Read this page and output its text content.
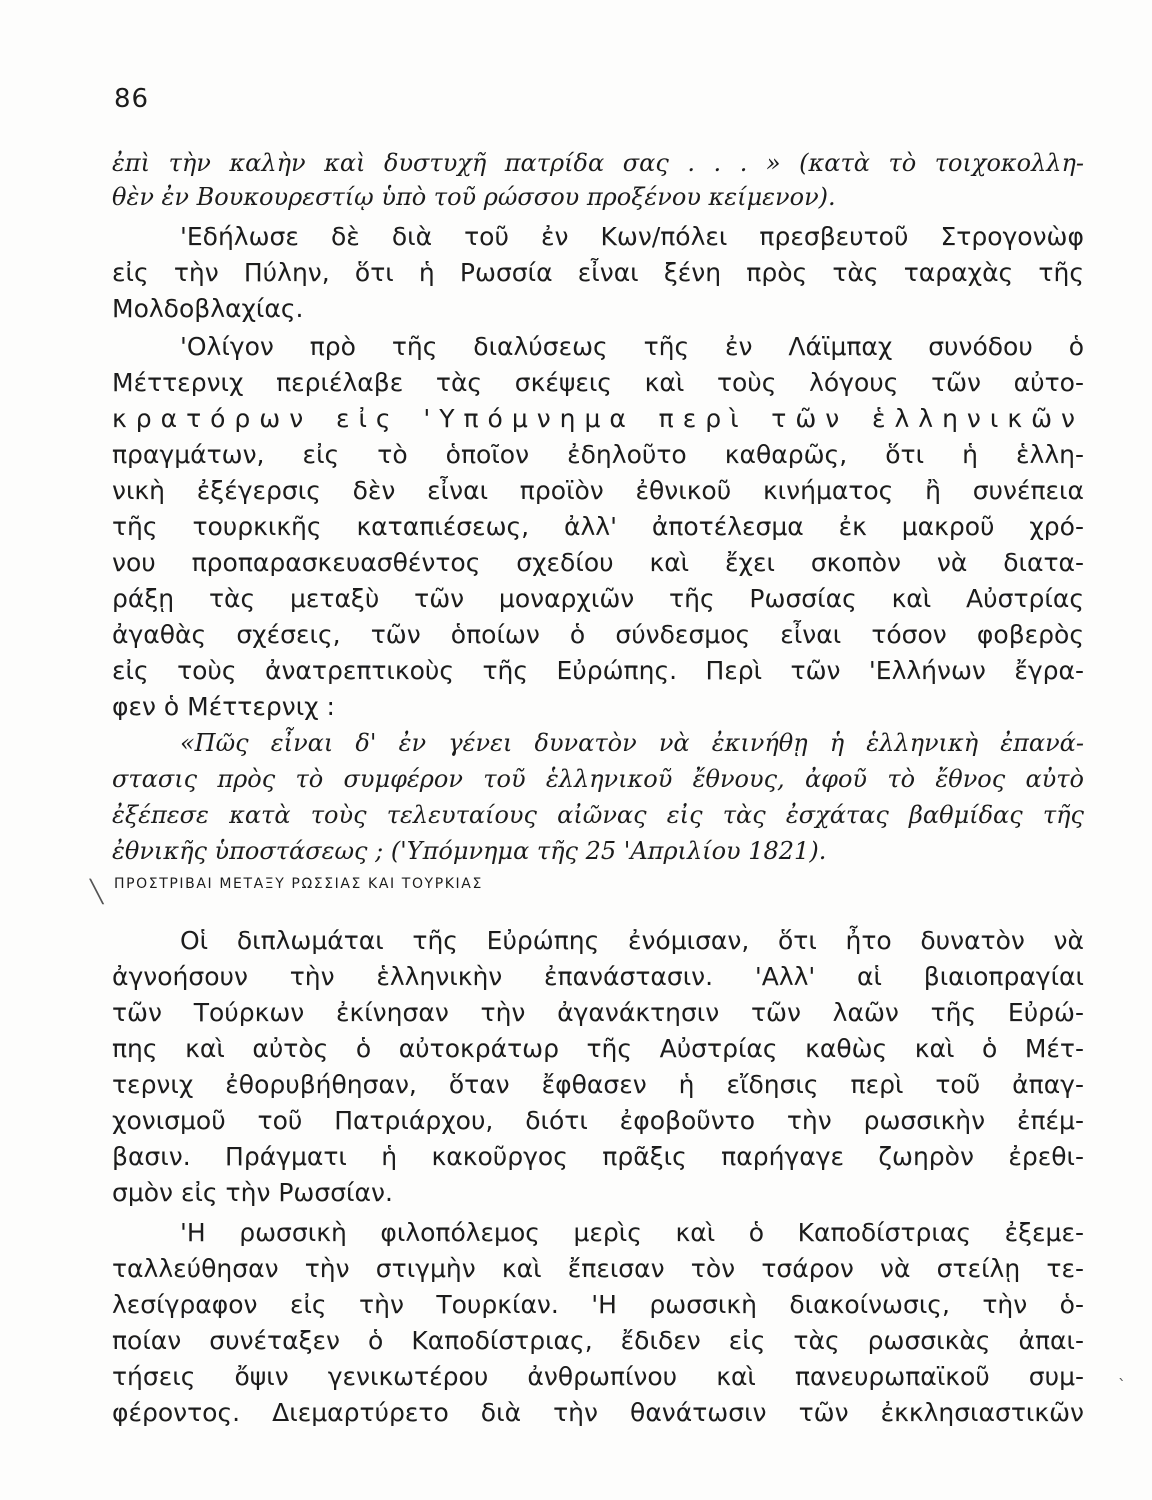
86
ἐπὶ τὴν καλὴν καὶ δυστυχῆ πατρίδα σας . . . » (κατὰ τὸ τοιχοκολλη-
θὲν ἐν Βουκουρεστίῳ ὑπὸ τοῦ ρώσσου προξένου κείμενον).
'Εδήλωσε δὲ διὰ τοῦ ἐν Κων/πόλει πρεσβευτοῦ Στρογονὼφ
εἰς τὴν Πύλην, ὅτι ἡ Ρωσσία εἶναι ξένη πρὸς τὰς ταραχὰς τῆς
Μολδοβλαχίας.
'Ολίγον πρὸ τῆς διαλύσεως τῆς ἐν Λάϊμπαχ συνόδου ὁ
Μέττερνιχ περιέλαβε τὰς σκέψεις καὶ τοὺς λόγους τῶν αὐτο-
κρατόρων εἰς 'Υπόμνημα περὶ τῶν ἑλληνικῶν
πραγμάτων, εἰς τὸ ὁποῖον ἐδηλοῦτο καθαρῶς, ὅτι ἡ ἑλλη-
νικὴ ἐξέγερσις δὲν εἶναι προϊὸν ἐθνικοῦ κινήματος ἢ συνέπεια
τῆς τουρκικῆς καταπιέσεως, ἀλλ' ἀποτέλεσμα ἐκ μακροῦ χρό-
νου προπαρασκευασθέντος σχεδίου καὶ ἔχει σκοπὸν νὰ διατα-
ράξῃ τὰς μεταξὺ τῶν μοναρχιῶν τῆς Ρωσσίας καὶ Αὐστρίας
ἀγαθὰς σχέσεις, τῶν ὁποίων ὁ σύνδεσμος εἶναι τόσον φοβερὸς
εἰς τοὺς ἀνατρεπτικοὺς τῆς Εὐρώπης. Περὶ τῶν 'Ελλήνων ἔγρα-
φεν ὁ Μέττερνιχ :
«Πῶς εἶναι δ' ἐν γένει δυνατὸν νὰ ἐκινήθῃ ἡ ἑλληνικὴ ἐπανά-
στασις πρὸς τὸ συμφέρον τοῦ ἑλληνικοῦ ἔθνους, ἀφοῦ τὸ ἔθνος αὐτὸ
ἐξέπεσε κατὰ τοὺς τελευταίους αἰῶνας εἰς τὰς ἐσχάτας βαθμίδας τῆς
ἐθνικῆς ὑποστάσεως ; ('Υπόμνημα τῆς 25 'Απριλίου 1821).
ΠΡΟΣΤΡΙΒΑΙ ΜΕΤΑΞΥ ΡΩΣΣΙΑΣ ΚΑΙ ΤΟΥΡΚΙΑΣ
╲
Οἱ διπλωμάται τῆς Εὐρώπης ἐνόμισαν, ὅτι ἦτο δυνατὸν νὰ
ἀγνοήσουν τὴν ἑλληνικὴν ἐπανάστασιν. 'Αλλ' αἱ βιαιοπραγίαι
τῶν Τούρκων ἐκίνησαν τὴν ἀγανάκτησιν τῶν λαῶν τῆς Εὐρώ-
πης καὶ αὐτὸς ὁ αὐτοκράτωρ τῆς Αὐστρίας καθὼς καὶ ὁ Μέτ-
τερνιχ ἐθορυβήθησαν, ὅταν ἔφθασεν ἡ εἴδησις περὶ τοῦ ἀπαγ-
χονισμοῦ τοῦ Πατριάρχου, διότι ἐφοβοῦντο τὴν ρωσσικὴν ἐπέμ-
βασιν. Πράγματι ἡ κακοῦργος πρᾶξις παρήγαγε ζωηρὸν ἐρεθι-
σμὸν εἰς τὴν Ρωσσίαν.
'Η ρωσσικὴ φιλοπόλεμος μερὶς καὶ ὁ Καποδίστριας ἐξεμε-
ταλλεύθησαν τὴν στιγμὴν καὶ ἔπεισαν τὸν τσάρον νὰ στείλῃ τε-
λεσίγραφον εἰς τὴν Τουρκίαν. 'Η ρωσσικὴ διακοίνωσις, τὴν ὁ-
ποίαν συνέταξεν ὁ Καποδίστριας, ἔδιδεν εἰς τὰς ρωσσικὰς ἀπαι-
τήσεις ὄψιν γενικωτέρου ἀνθρωπίνου καὶ πανευρωπαϊκοῦ συμ-
φέροντος. Διεμαρτύρετο διὰ τὴν θανάτωσιν τῶν ἐκκλησιαστικῶν
ˎ
